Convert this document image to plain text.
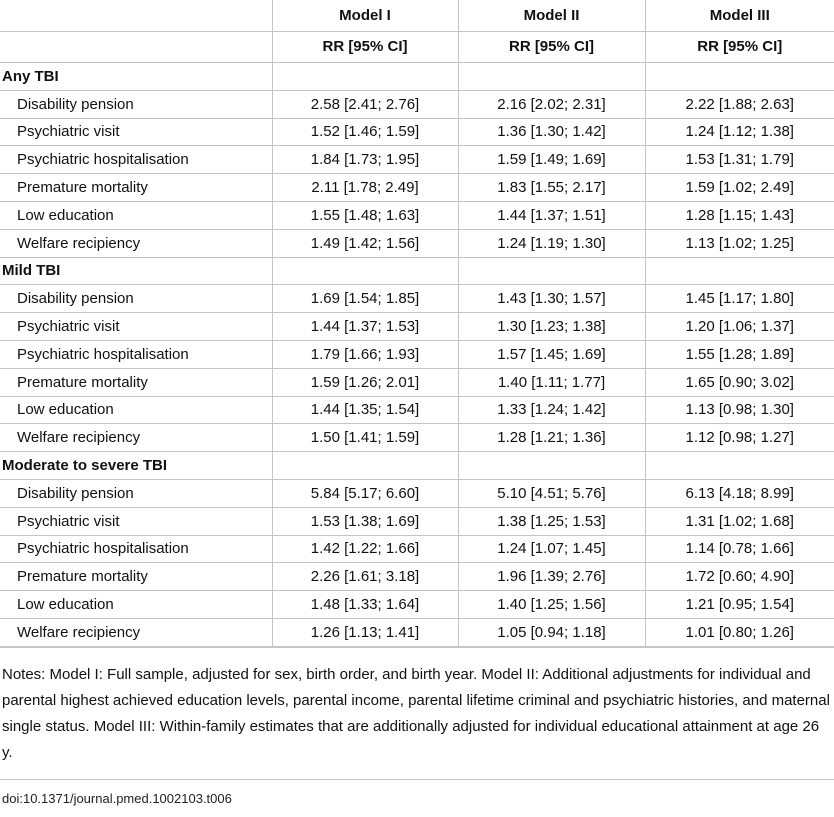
	Model I	Model II	Model III
	RR [95% CI]	RR [95% CI]	RR [95% CI]
Any TBI			
Disability pension	2.58 [2.41; 2.76]	2.16 [2.02; 2.31]	2.22 [1.88; 2.63]
Psychiatric visit	1.52 [1.46; 1.59]	1.36 [1.30; 1.42]	1.24 [1.12; 1.38]
Psychiatric hospitalisation	1.84 [1.73; 1.95]	1.59 [1.49; 1.69]	1.53 [1.31; 1.79]
Premature mortality	2.11 [1.78; 2.49]	1.83 [1.55; 2.17]	1.59 [1.02; 2.49]
Low education	1.55 [1.48; 1.63]	1.44 [1.37; 1.51]	1.28 [1.15; 1.43]
Welfare recipiency	1.49 [1.42; 1.56]	1.24 [1.19; 1.30]	1.13 [1.02; 1.25]
Mild TBI			
Disability pension	1.69 [1.54; 1.85]	1.43 [1.30; 1.57]	1.45 [1.17; 1.80]
Psychiatric visit	1.44 [1.37; 1.53]	1.30 [1.23; 1.38]	1.20 [1.06; 1.37]
Psychiatric hospitalisation	1.79 [1.66; 1.93]	1.57 [1.45; 1.69]	1.55 [1.28; 1.89]
Premature mortality	1.59 [1.26; 2.01]	1.40 [1.11; 1.77]	1.65 [0.90; 3.02]
Low education	1.44 [1.35; 1.54]	1.33 [1.24; 1.42]	1.13 [0.98; 1.30]
Welfare recipiency	1.50 [1.41; 1.59]	1.28 [1.21; 1.36]	1.12 [0.98; 1.27]
Moderate to severe TBI			
Disability pension	5.84 [5.17; 6.60]	5.10 [4.51; 5.76]	6.13 [4.18; 8.99]
Psychiatric visit	1.53 [1.38; 1.69]	1.38 [1.25; 1.53]	1.31 [1.02; 1.68]
Psychiatric hospitalisation	1.42 [1.22; 1.66]	1.24 [1.07; 1.45]	1.14 [0.78; 1.66]
Premature mortality	2.26 [1.61; 3.18]	1.96 [1.39; 2.76]	1.72 [0.60; 4.90]
Low education	1.48 [1.33; 1.64]	1.40 [1.25; 1.56]	1.21 [0.95; 1.54]
Welfare recipiency	1.26 [1.13; 1.41]	1.05 [0.94; 1.18]	1.01 [0.80; 1.26]
Notes: Model I: Full sample, adjusted for sex, birth order, and birth year. Model II: Additional adjustments for individual and parental highest achieved education levels, parental income, parental lifetime criminal and psychiatric histories, and maternal single status. Model III: Within-family estimates that are additionally adjusted for individual educational attainment at age 26 y.
doi:10.1371/journal.pmed.1002103.t006
